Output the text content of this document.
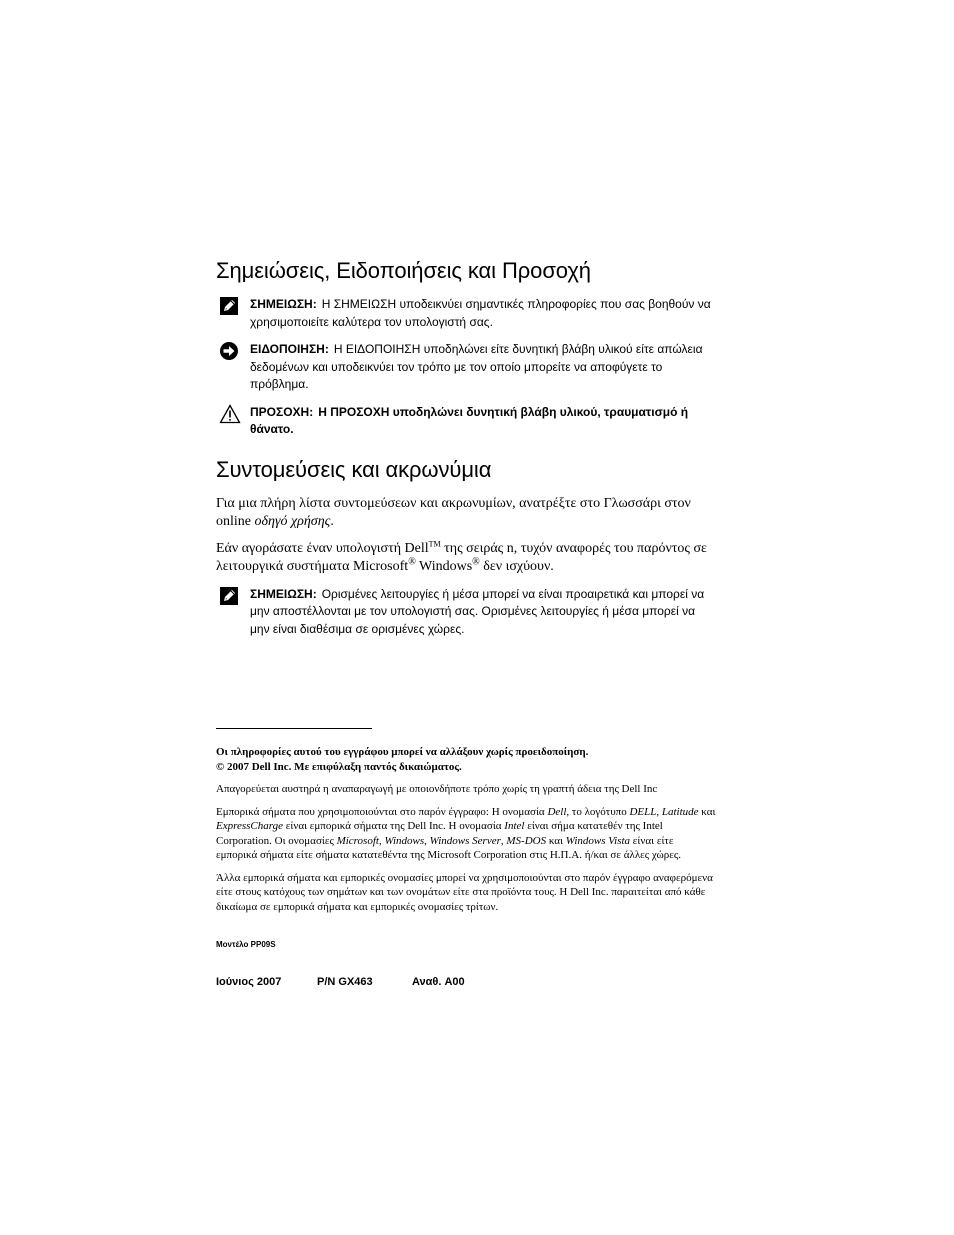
Σημειώσεις, Ειδοποιήσεις και Προσοχή
ΣΗΜΕΙΩΣΗ: Η ΣΗΜΕΙΩΣΗ υποδεικνύει σημαντικές πληροφορίες που σας βοηθούν να χρησιμοποιείτε καλύτερα τον υπολογιστή σας.
ΕΙΔΟΠΟΙΗΣΗ: Η ΕΙΔΟΠΟΙΗΣΗ υποδηλώνει είτε δυνητική βλάβη υλικού είτε απώλεια δεδομένων και υποδεικνύει τον τρόπο με τον οποίο μπορείτε να αποφύγετε το πρόβλημα.
ΠΡΟΣΟΧΗ: Η ΠΡΟΣΟΧΗ υποδηλώνει δυνητική βλάβη υλικού, τραυματισμό ή θάνατο.
Συντομεύσεις και ακρωνύμια

Για μια πλήρη λίστα συντομεύσεων και ακρωνυμίων, ανατρέξτε στο Γλωσσάρι στον online οδηγό χρήσης.

Εάν αγοράσατε έναν υπολογιστή Dell™ της σειράς n, τυχόν αναφορές του παρόντος σε λειτουργικά συστήματα Microsoft® Windows® δεν ισχύουν.

ΣΗΜΕΙΩΣΗ: Ορισμένες λειτουργίες ή μέσα μπορεί να είναι προαιρετικά και μπορεί να μην αποστέλλονται με τον υπολογιστή σας. Ορισμένες λειτουργίες ή μέσα μπορεί να μην είναι διαθέσιμα σε ορισμένες χώρες.

Οι πληροφορίες αυτού του εγγράφου μπορεί να αλλάξουν χωρίς προειδοποίηση.
© 2007 Dell Inc. Με επιφύλαξη παντός δικαιώματος.

Απαγορεύεται αυστηρά η αναπαραγωγή με οποιονδήποτε τρόπο χωρίς τη γραπτή άδεια της Dell Inc

Εμπορικά σήματα που χρησιμοποιούνται στο παρόν έγγραφο: Η ονομασία Dell, το λογότυπο DELL, Latitude και ExpressCharge είναι εμπορικά σήματα της Dell Inc. Η ονομασία Intel είναι σήμα κατατεθέν της Intel Corporation. Οι ονομασίες Microsoft, Windows, Windows Server, MS-DOS και Windows Vista είναι είτε εμπορικά σήματα είτε σήματα κατατεθέντα της Microsoft Corporation στις Η.Π.Α. ή/και σε άλλες χώρες.

Άλλα εμπορικά σήματα και εμπορικές ονομασίες μπορεί να χρησιμοποιούνται στο παρόν έγγραφο αναφερόμενα είτε στους κατόχους των σημάτων και των ονομάτων είτε στα προϊόντα τους. Η Dell Inc. παραιτείται από κάθε δικαίωμα σε εμπορικά σήματα και εμπορικές ονομασίες τρίτων.

Μοντέλο PP09S
Ιούνιος 2007	P/N GX463	Αναθ. A00
